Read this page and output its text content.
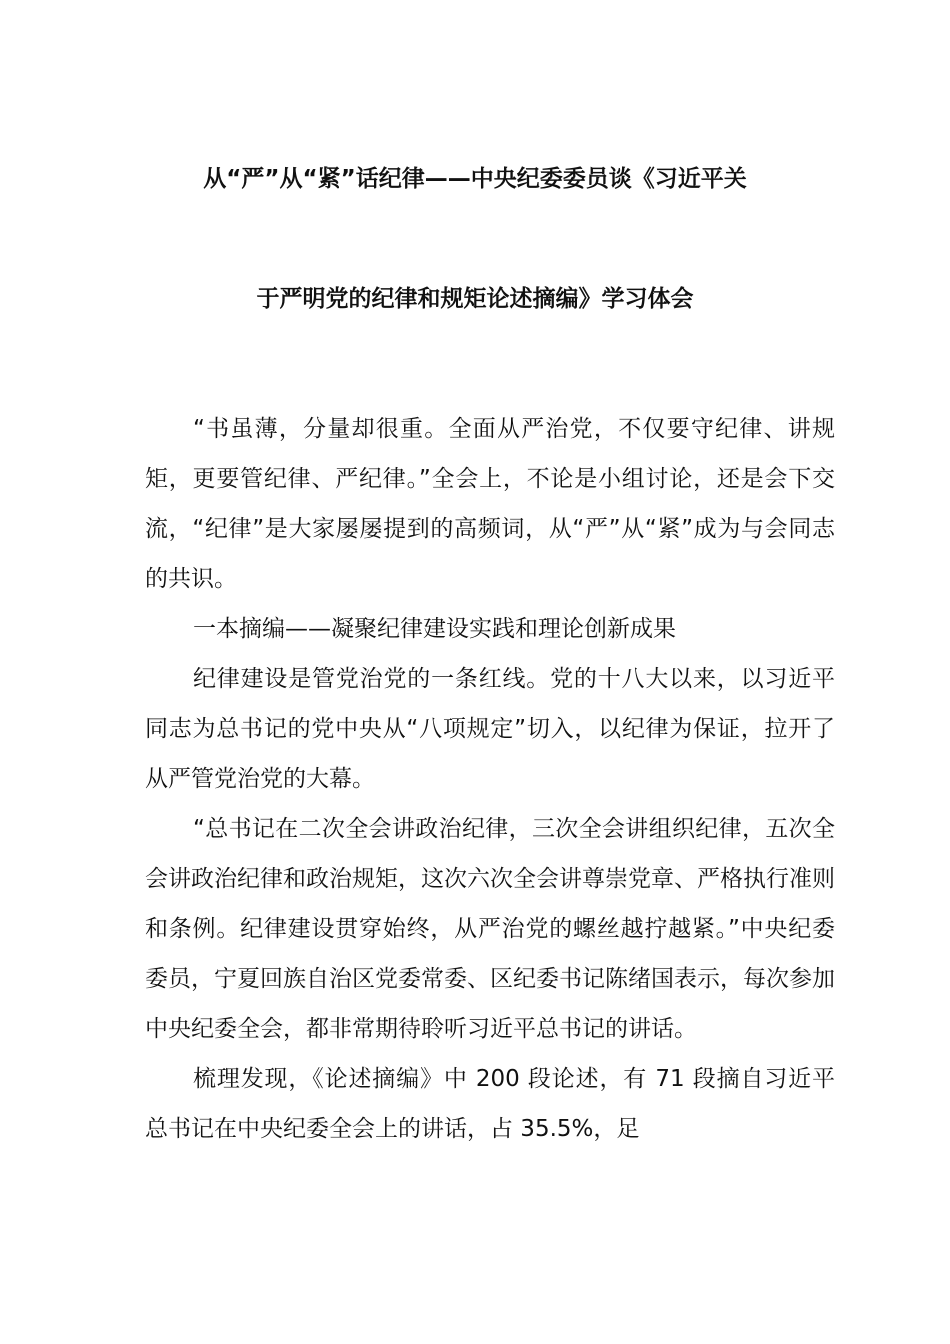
从“严”从“紧”话纪律——中央纪委委员谈《习近平关
于严明党的纪律和规矩论述摘编》学习体会

“书虽薄，分量却很重。全面从严治党，不仅要守纪律、讲规矩，更要管纪律、严纪律。”全会上，不论是小组讨论，还是会下交流，“纪律”是大家屡屡提到的高频词，从“严”从“紧”成为与会同志的共识。

一本摘编——凝聚纪律建设实践和理论创新成果

纪律建设是管党治党的一条红线。党的十八大以来，以习近平同志为总书记的党中央从“八项规定”切入，以纪律为保证，拉开了从严管党治党的大幕。

“总书记在二次全会讲政治纪律，三次全会讲组织纪律，五次全会讲政治纪律和政治规矩，这次六次全会讲尊崇党章、严格执行准则和条例。纪律建设贯穿始终，从严治党的螺丝越拧越紧。”中央纪委委员，宁夏回族自治区党委常委、区纪委书记陈绪国表示，每次参加中央纪委全会，都非常期待聆听习近平总书记的讲话。

梳理发现，《论述摘编》中 200 段论述，有 71 段摘自习近平总书记在中央纪委全会上的讲话，占 35.5%，足
